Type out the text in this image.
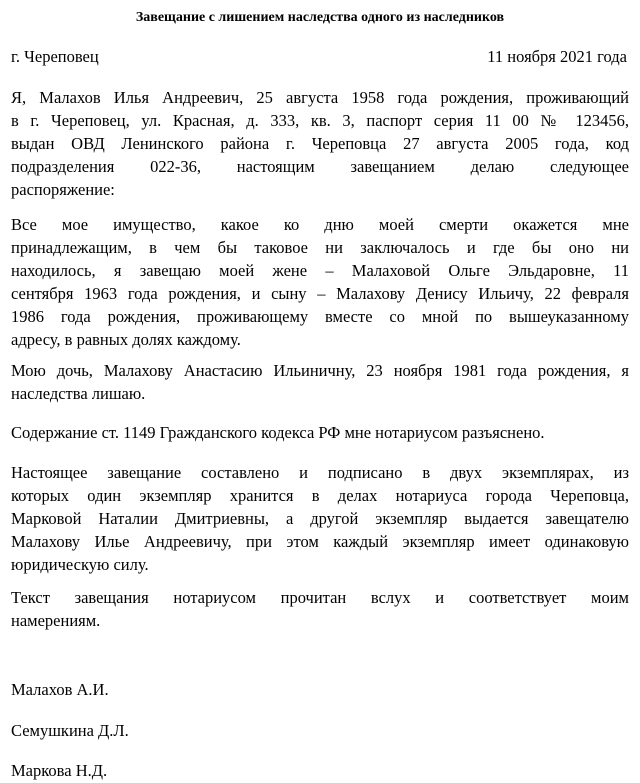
Завещание с лишением наследства одного из наследников
г. Череповец	11 ноября 2021 года

Я, Малахов Илья Андреевич, 25 августа 1958 года рождения, проживающий
в г. Череповец, ул. Красная, д. 333, кв. 3, паспорт серия 11 00 № 123456,
выдан ОВД Ленинского района г. Череповца 27 августа 2005 года, код
подразделения 022-36, настоящим завещанием делаю следующее
распоряжение:

Все мое имущество, какое ко дню моей смерти окажется мне
принадлежащим, в чем бы таковое ни заключалось и где бы оно ни
находилось, я завещаю моей жене – Малаховой Ольге Эльдаровне, 11
сентября 1963 года рождения, и сыну – Малахову Денису Ильичу, 22 февраля
1986 года рождения, проживающему вместе со мной по вышеуказанному
адресу, в равных долях каждому.

Мою дочь, Малахову Анастасию Ильиничну, 23 ноября 1981 года рождения, я
наследства лишаю.

Содержание ст. 1149 Гражданского кодекса РФ мне нотариусом разъяснено.

Настоящее завещание составлено и подписано в двух экземплярах, из
которых один экземпляр хранится в делах нотариуса города Череповца,
Марковой Наталии Дмитриевны, а другой экземпляр выдается завещателю
Малахову Илье Андреевичу, при этом каждый экземпляр имеет одинаковую
юридическую силу.

Текст завещания нотариусом прочитан вслух и соответствует моим
намерениям.

Малахов А.И.
Семушкина Д.Л.
Маркова Н.Д.
